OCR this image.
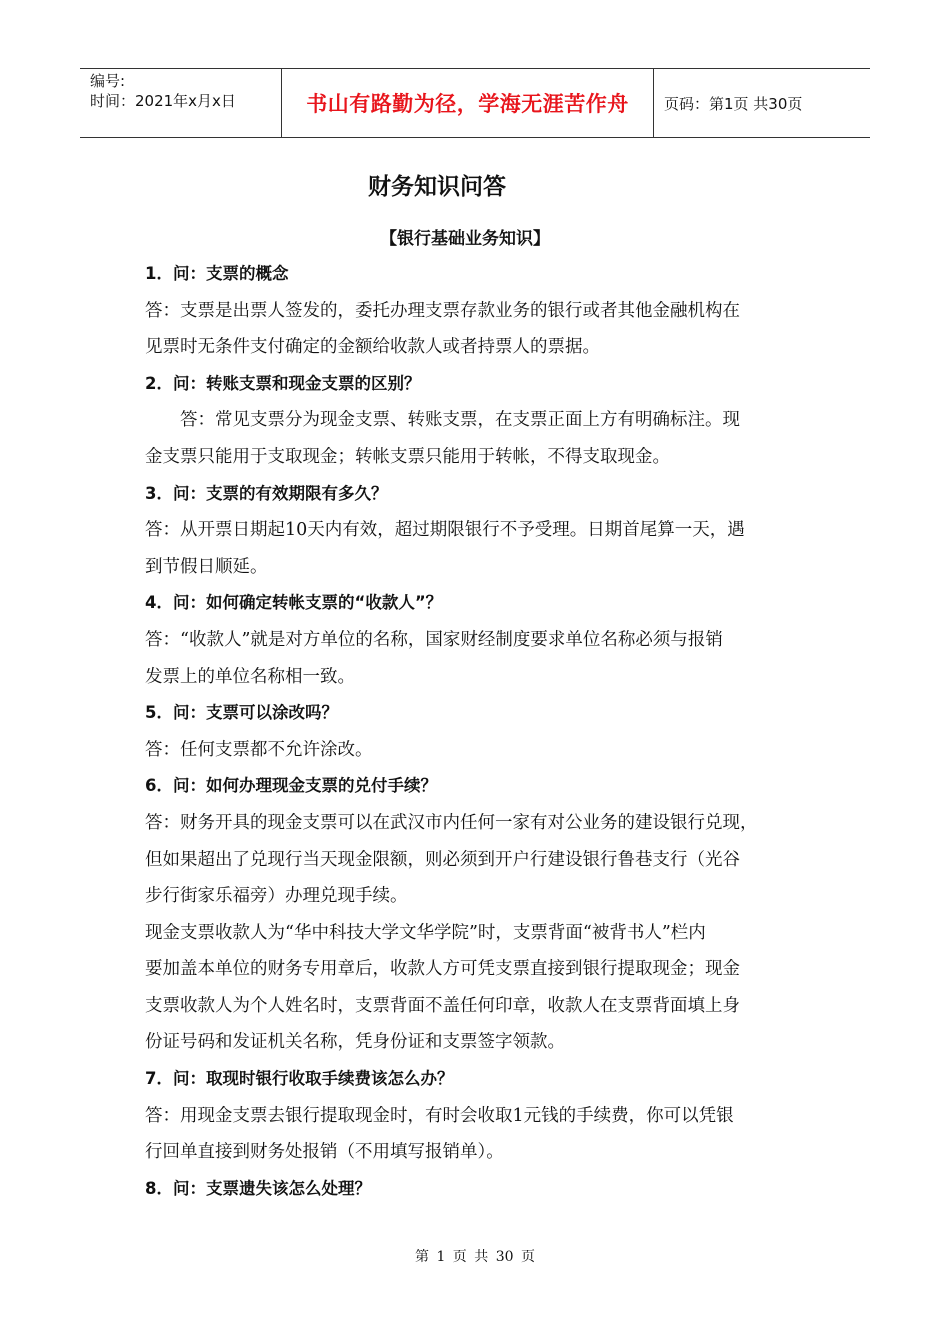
编号:
时间：2021年x月x日	书山有路勤为径，学海无涯苦作舟 页码：第1页 共30页
财务知识问答
【银行基础业务知识】
1．问：支票的概念
答：支票是出票人签发的，委托办理支票存款业务的银行或者其他金融机构在
见票时无条件支付确定的金额给收款人或者持票人的票据。
2．问：转账支票和现金支票的区别？
答：常见支票分为现金支票、转账支票，在支票正面上方有明确标注。现
金支票只能用于支取现金；转帐支票只能用于转帐，不得支取现金。
3．问：支票的有效期限有多久？
答：从开票日期起10天内有效，超过期限银行不予受理。日期首尾算一天，遇
到节假日顺延。
4．问：如何确定转帐支票的“收款人”？
答：“收款人”就是对方单位的名称，国家财经制度要求单位名称必须与报销
发票上的单位名称相一致。
5．问：支票可以涂改吗？
答：任何支票都不允许涂改。
6．问：如何办理现金支票的兑付手续？
答：财务开具的现金支票可以在武汉市内任何一家有对公业务的建设银行兑现，
但如果超出了兑现行当天现金限额，则必须到开户行建设银行鲁巷支行（光谷
步行街家乐福旁）办理兑现手续。
现金支票收款人为“华中科技大学文华学院”时，支票背面“被背书人”栏内
要加盖本单位的财务专用章后，收款人方可凭支票直接到银行提取现金；现金
支票收款人为个人姓名时，支票背面不盖任何印章，收款人在支票背面填上身
份证号码和发证机关名称，凭身份证和支票签字领款。
7．问：取现时银行收取手续费该怎么办？
答：用现金支票去银行提取现金时，有时会收取1元钱的手续费，你可以凭银
行回单直接到财务处报销（不用填写报销单）。
8．问：支票遗失该怎么处理？
第 1 页 共 30 页
